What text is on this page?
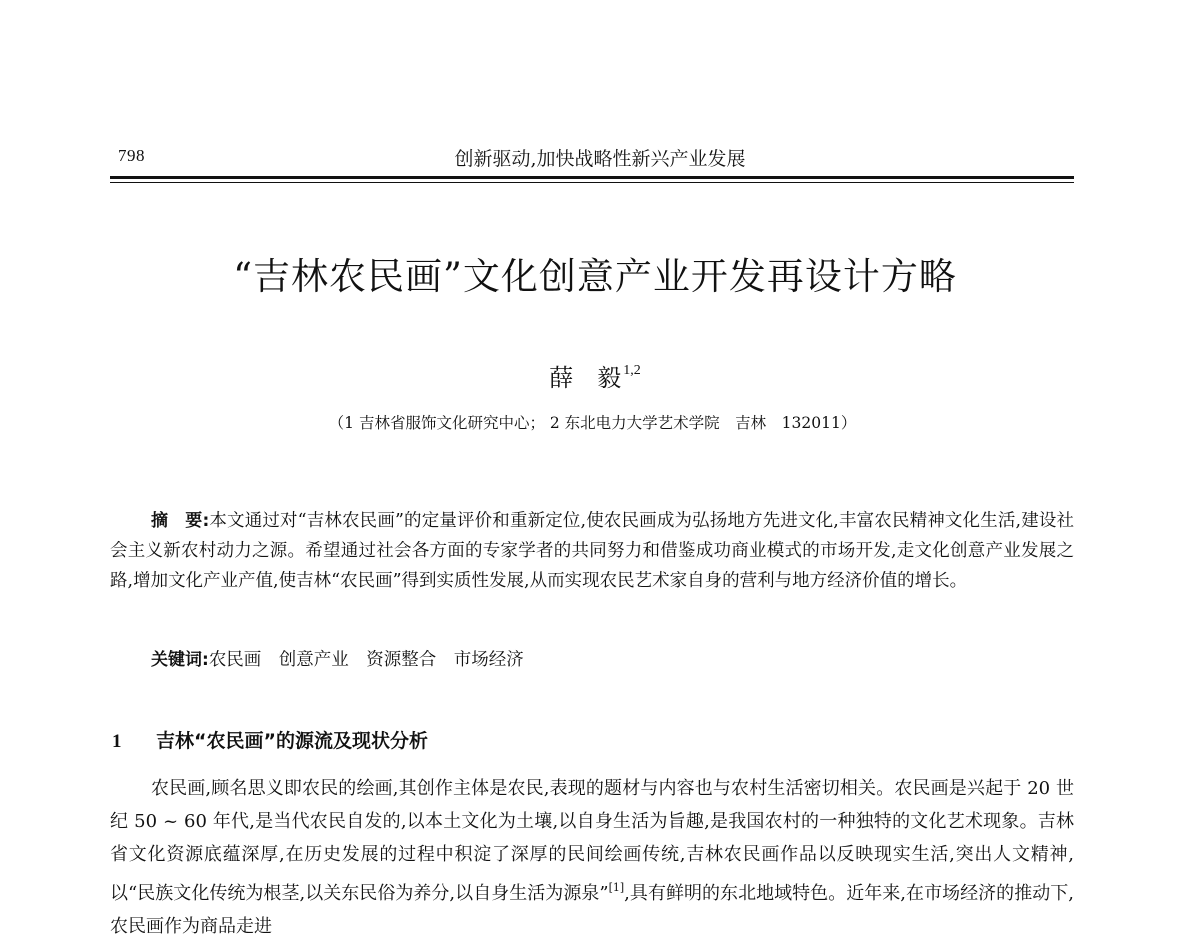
798	创新驱动,加快战略性新兴产业发展
“吉林农民画”文化创意产业开发再设计方略
薛　毅 $^{1,2}$
（1 吉林省服饰文化研究中心； 2 东北电力大学艺术学院　吉林　132011）

摘　要:本文通过对“吉林农民画”的定量评价和重新定位,使农民画成为弘扬地方先进文化,丰富农民精神文化生活,建设社会主义新农村动力之源。希望通过社会各方面的专家学者的共同努力和借鉴成功商业模式的市场开发,走文化创意产业发展之路,增加文化产业产值,使吉林“农民画”得到实质性发展,从而实现农民艺术家自身的营利与地方经济价值的增长。

关键词:农民画　创意产业　资源整合　市场经济
1 吉林“农民画”的源流及现状分析

农民画,顾名思义即农民的绘画,其创作主体是农民,表现的题材与内容也与农村生活密切相关。农民画是兴起于 20 世纪 50 ~ 60 年代,是当代农民自发的,以本土文化为土壤,以自身生活为旨趣,是我国农村的一种独特的文化艺术现象。吉林省文化资源底蕴深厚,在历史发展的过程中积淀了深厚的民间绘画传统,吉林农民画作品以反映现实生活,突出人文精神,以“民族文化传统为根茎,以关东民俗为养分,以自身生活为源泉”[1],具有鲜明的东北地域特色。近年来,在市场经济的推动下,农民画作为商品走进
